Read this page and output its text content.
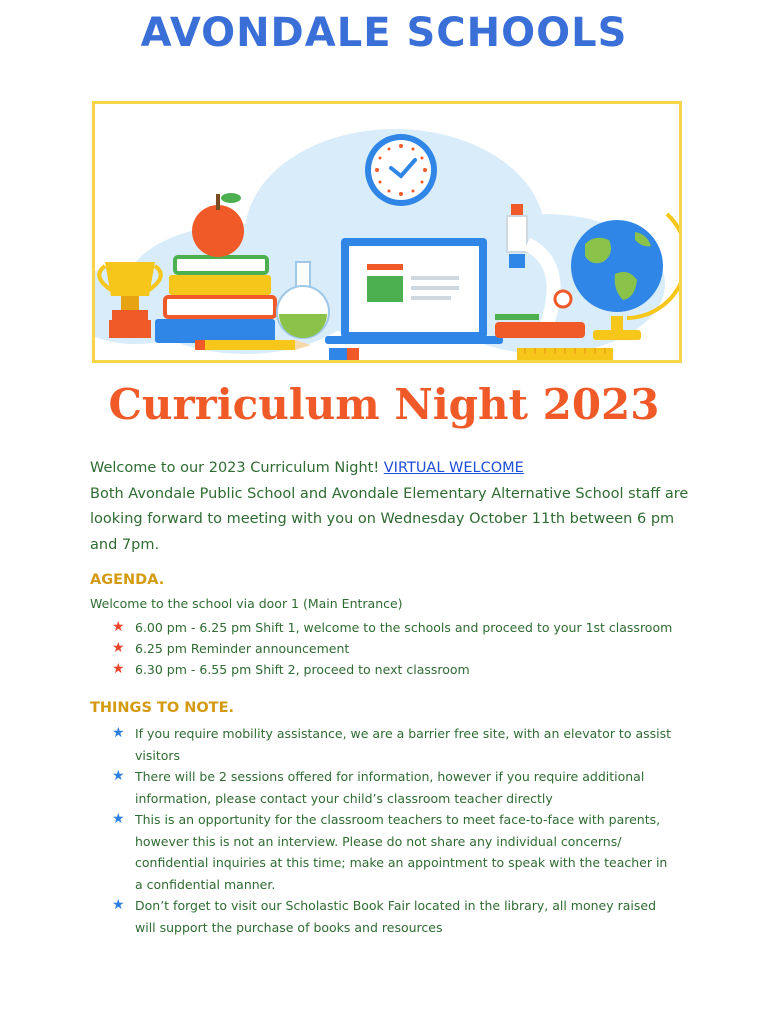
AVONDALE SCHOOLS
Curriculum Night 2023
Welcome to our 2023 Curriculum Night! VIRTUAL WELCOME
Both Avondale Public School and Avondale Elementary Alternative School staff are looking forward to meeting with you on Wednesday October 11th between 6 pm and 7pm.
AGENDA.
Welcome to the school via door 1 (Main Entrance)
★ 6.00 pm - 6.25 pm Shift 1, welcome to the schools and proceed to your 1st classroom
★ 6.25 pm Reminder announcement
★ 6.30 pm - 6.55 pm Shift 2, proceed to next classroom
THINGS TO NOTE.
★ If you require mobility assistance, we are a barrier free site, with an elevator to assist visitors
★ There will be 2 sessions offered for information, however if you require additional information, please contact your child’s classroom teacher directly
★ This is an opportunity for the classroom teachers to meet face-to-face with parents, however this is not an interview. Please do not share any individual concerns/ confidential inquiries at this time; make an appointment to speak with the teacher in a confidential manner.
★ Don’t forget to visit our Scholastic Book Fair located in the library, all money raised will support the purchase of books and resources
